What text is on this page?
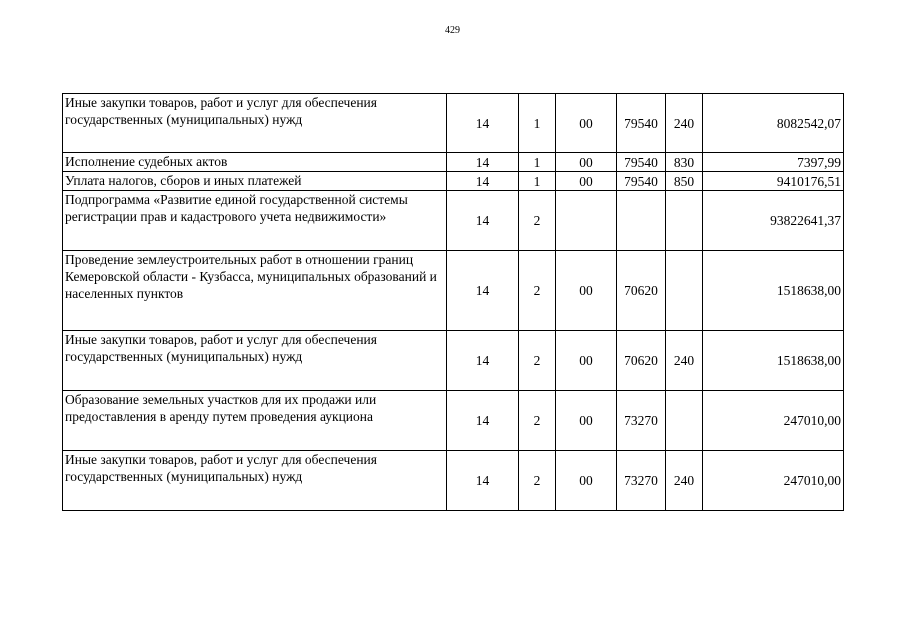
429
Иные закупки товаров, работ и услуг для обеспечения государственных (муниципальных) нужд	14	1	00	79540	240	8082542,07
Исполнение судебных актов	14	1	00	79540	830	7397,99
Уплата налогов, сборов и иных платежей	14	1	00	79540	850	9410176,51
Подпрограмма «Развитие единой государственной системы регистрации прав и кадастрового учета недвижимости»	14	2				93822641,37
Проведение землеустроительных работ в отношении границ Кемеровской области - Кузбасса, муниципальных образований и населенных пунктов	14	2	00	70620		1518638,00
Иные закупки товаров, работ и услуг для обеспечения государственных (муниципальных) нужд	14	2	00	70620	240	1518638,00
Образование земельных участков для их продажи или предоставления в аренду путем проведения аукциона	14	2	00	73270		247010,00
Иные закупки товаров, работ и услуг для обеспечения государственных (муниципальных) нужд	14	2	00	73270	240	247010,00
